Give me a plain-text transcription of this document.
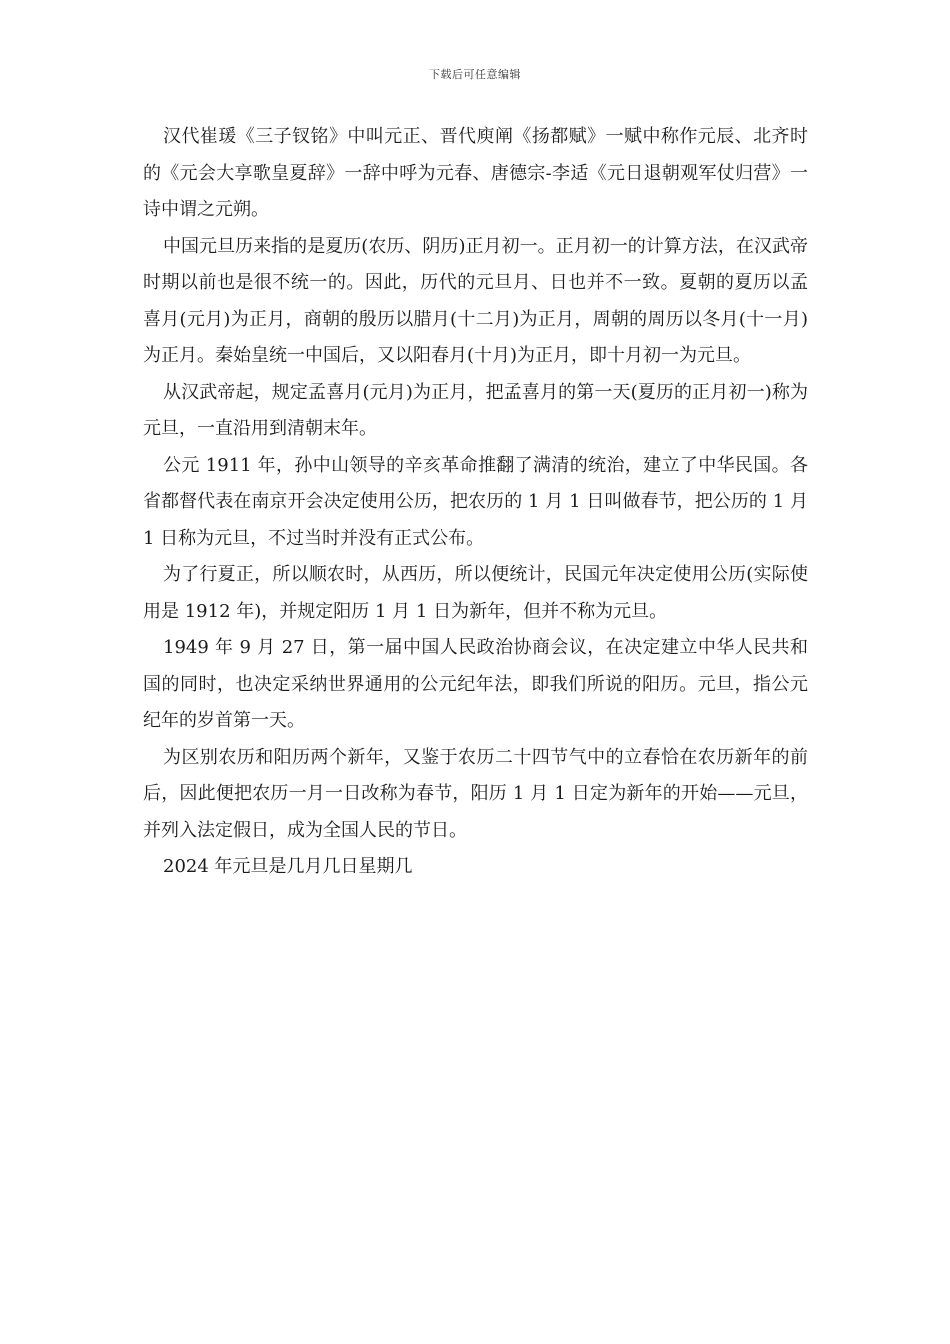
下载后可任意编辑

汉代崔瑗《三子钗铭》中叫元正、晋代庾阐《扬都赋》一赋中称作元辰、北齐时的《元会大享歌皇夏辞》一辞中呼为元春、唐德宗-李适《元日退朝观军仗归营》一诗中谓之元朔。

中国元旦历来指的是夏历(农历、阴历)正月初一。正月初一的计算方法，在汉武帝时期以前也是很不统一的。因此，历代的元旦月、日也并不一致。夏朝的夏历以孟喜月(元月)为正月，商朝的殷历以腊月(十二月)为正月，周朝的周历以冬月(十一月)为正月。秦始皇统一中国后，又以阳春月(十月)为正月，即十月初一为元旦。

从汉武帝起，规定孟喜月(元月)为正月，把孟喜月的第一天(夏历的正月初一)称为元旦，一直沿用到清朝末年。

公元 1911 年，孙中山领导的辛亥革命推翻了满清的统治，建立了中华民国。各省都督代表在南京开会决定使用公历，把农历的 1 月 1 日叫做春节，把公历的 1 月 1 日称为元旦，不过当时并没有正式公布。

为了行夏正，所以顺农时，从西历，所以便统计，民国元年决定使用公历(实际使用是 1912 年)，并规定阳历 1 月 1 日为新年，但并不称为元旦。

1949 年 9 月 27 日，第一届中国人民政治协商会议，在决定建立中华人民共和国的同时，也决定采纳世界通用的公元纪年法，即我们所说的阳历。元旦，指公元纪年的岁首第一天。

为区别农历和阳历两个新年，又鉴于农历二十四节气中的立春恰在农历新年的前后，因此便把农历一月一日改称为春节，阳历 1 月 1 日定为新年的开始——元旦，并列入法定假日，成为全国人民的节日。

2024 年元旦是几月几日星期几
